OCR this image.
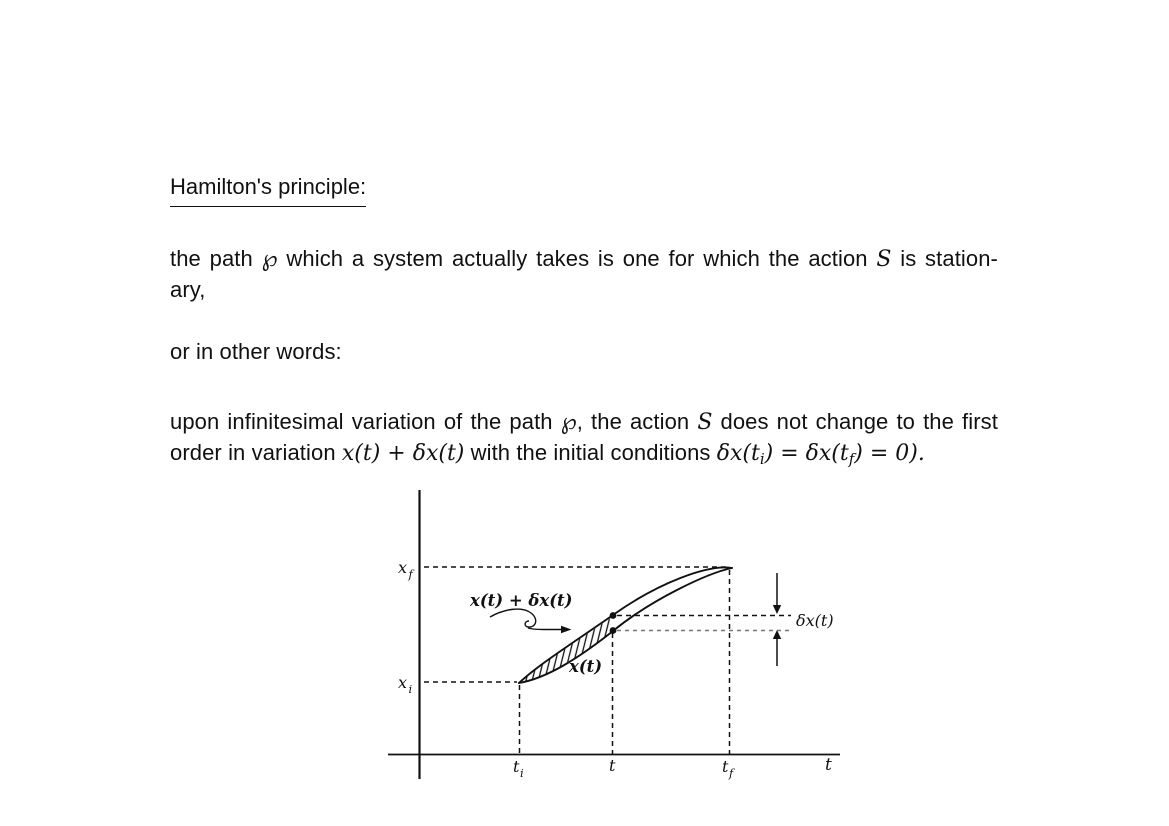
Hamilton's principle:
the path ℘ which a system actually takes is one for which the action S is station-
ary,
or in other words:
upon infinitesimal variation of the path ℘, the action S does not change to the first
order in variation x(t) + δx(t) with the initial conditions δx(ti) = δx(tf) = 0).
x f
x i
t i	t	t f	t
x(t) + δx(t)
x(t)
δx(t)
